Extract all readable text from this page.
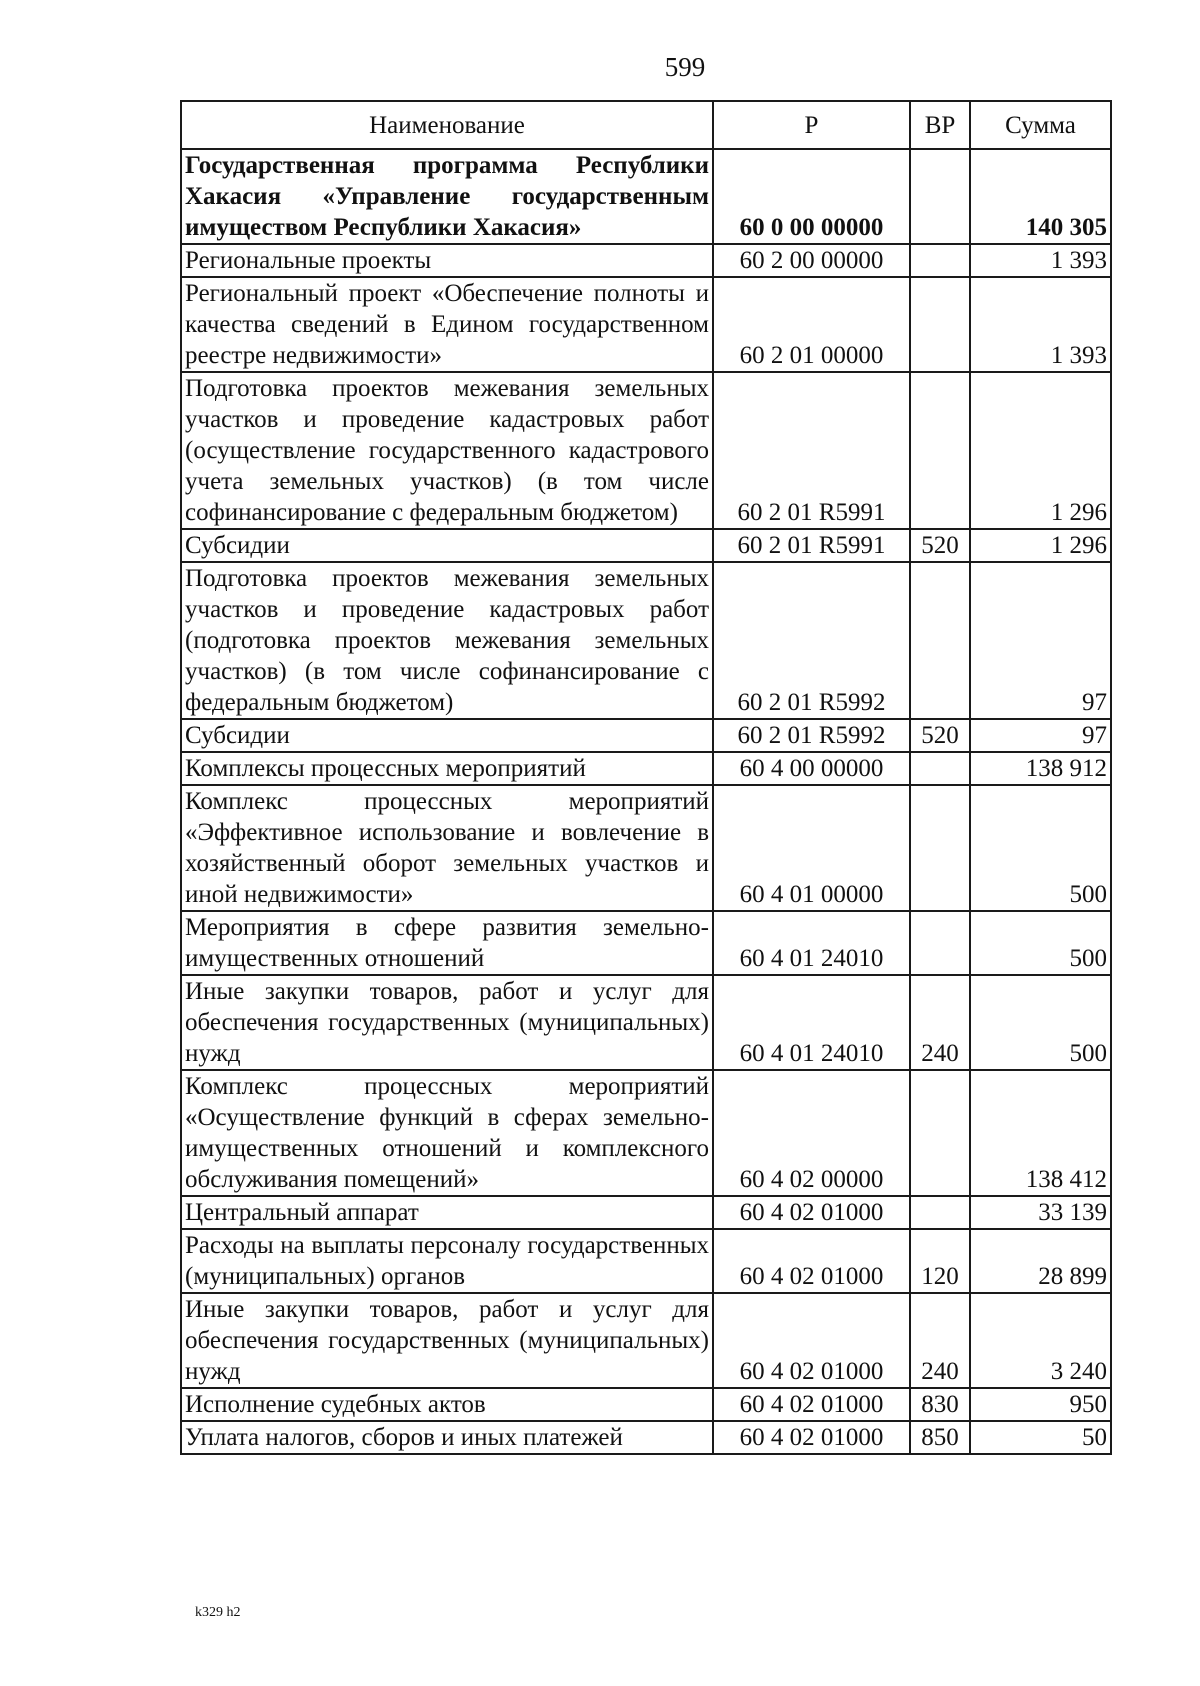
599
Наименование	Р	ВР	Сумма
Государственная программа Республики Хакасия «Управление государственным имуществом Республики Хакасия»	60 0 00 00000		140 305
Региональные проекты	60 2 00 00000		1 393
Региональный проект «Обеспечение полноты и качества сведений в Едином государственном реестре недвижимости»	60 2 01 00000		1 393
Подготовка проектов межевания земельных участков и проведение кадастровых работ (осуществление государственного кадастрового учета земельных участков) (в том числе софинансирование с федеральным бюджетом)	60 2 01 R5991		1 296
Субсидии	60 2 01 R5991	520	1 296
Подготовка проектов межевания земельных участков и проведение кадастровых работ (подготовка проектов межевания земельных участков) (в том числе софинансирование с федеральным бюджетом)	60 2 01 R5992		97
Субсидии	60 2 01 R5992	520	97
Комплексы процессных мероприятий	60 4 00 00000		138 912
Комплекс процессных мероприятий «Эффективное использование и вовлечение в хозяйственный оборот земельных участков и иной недвижимости»	60 4 01 00000		500
Мероприятия в сфере развития земельно-имущественных отношений	60 4 01 24010		500
Иные закупки товаров, работ и услуг для обеспечения государственных (муниципальных) нужд	60 4 01 24010	240	500
Комплекс процессных мероприятий «Осуществление функций в сферах земельно-имущественных отношений и комплексного обслуживания помещений»	60 4 02 00000		138 412
Центральный аппарат	60 4 02 01000		33 139
Расходы на выплаты персоналу государственных (муниципальных) органов	60 4 02 01000	120	28 899
Иные закупки товаров, работ и услуг для обеспечения государственных (муниципальных) нужд	60 4 02 01000	240	3 240
Исполнение судебных актов	60 4 02 01000	830	950
Уплата налогов, сборов и иных платежей	60 4 02 01000	850	50
k329 h2
